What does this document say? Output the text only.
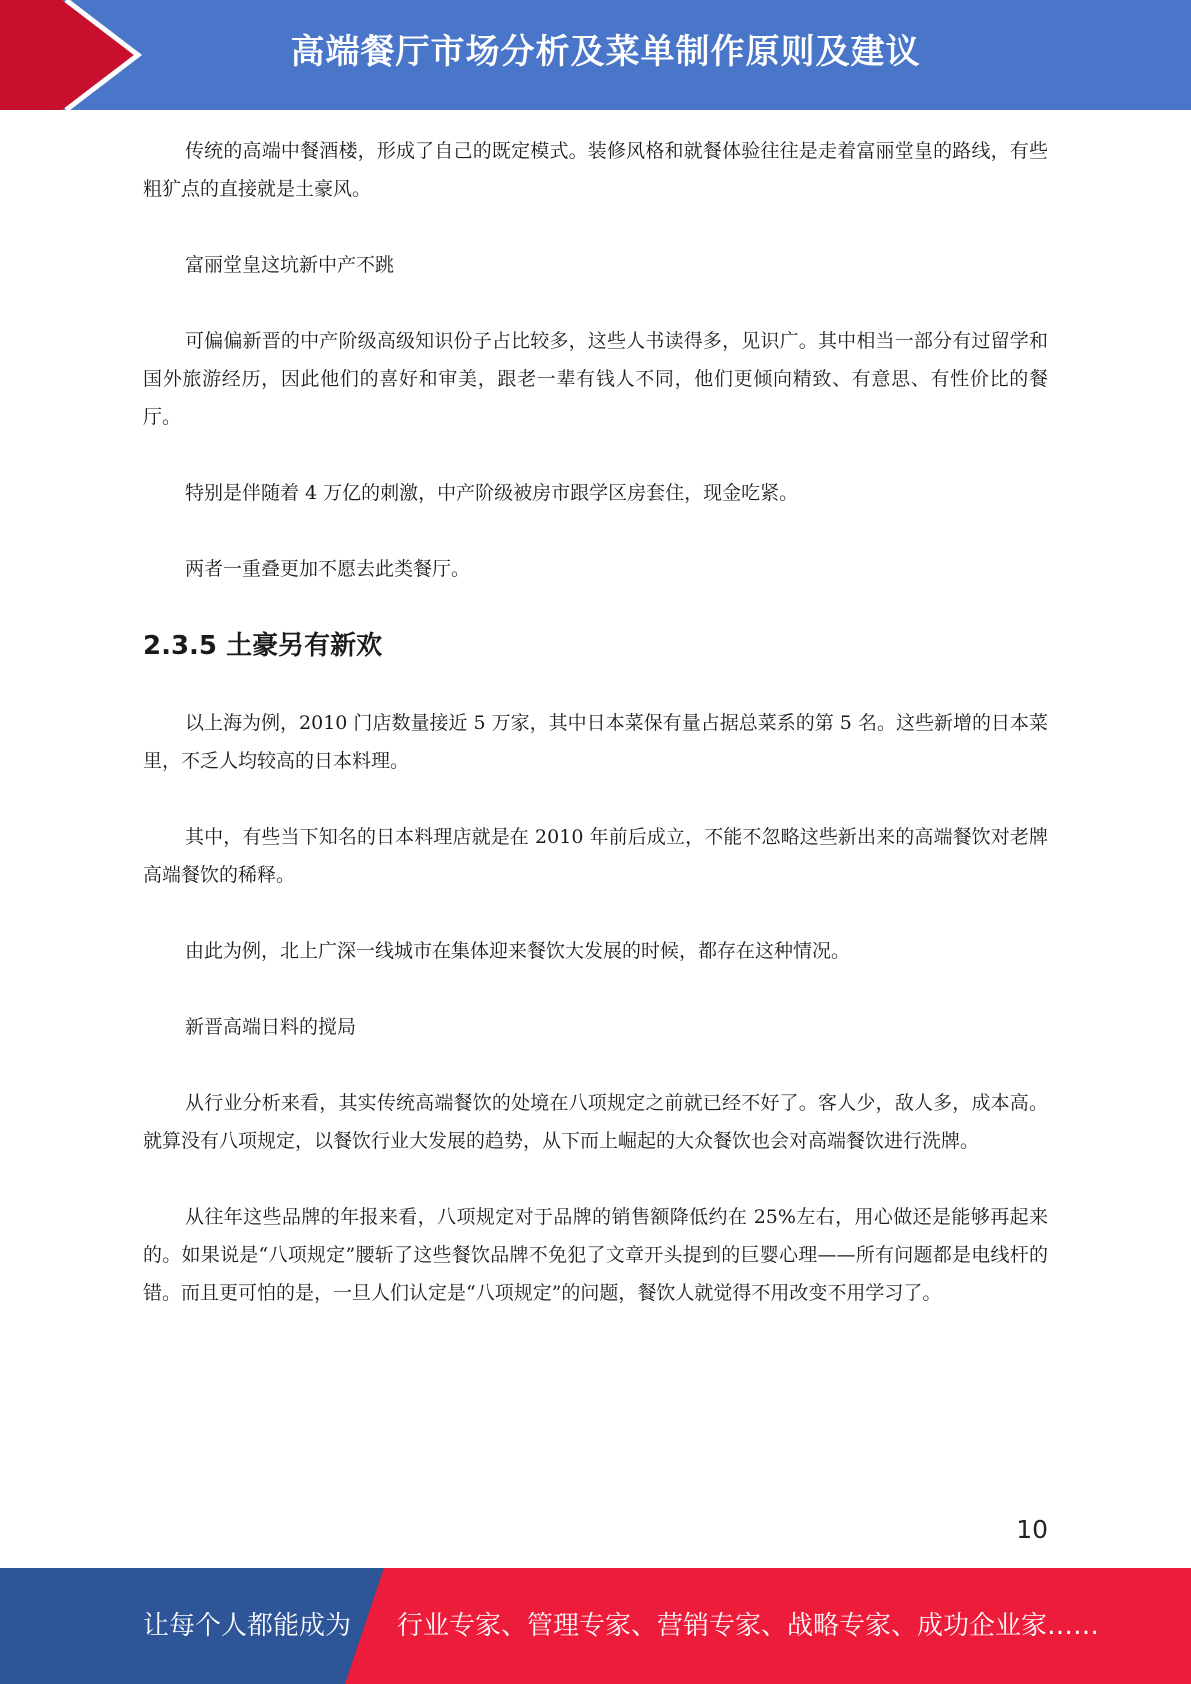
高端餐厅市场分析及菜单制作原则及建议

传统的高端中餐酒楼，形成了自己的既定模式。装修风格和就餐体验往往是走着富丽堂皇的路线，有些粗犷点的直接就是土豪风。

富丽堂皇这坑新中产不跳

可偏偏新晋的中产阶级高级知识份子占比较多，这些人书读得多，见识广。其中相当一部分有过留学和国外旅游经历，因此他们的喜好和审美，跟老一辈有钱人不同，他们更倾向精致、有意思、有性价比的餐厅。

特别是伴随着 4 万亿的刺激，中产阶级被房市跟学区房套住，现金吃紧。

两者一重叠更加不愿去此类餐厅。

2.3.5 土豪另有新欢

以上海为例，2010 门店数量接近 5 万家，其中日本菜保有量占据总菜系的第 5 名。这些新增的日本菜里，不乏人均较高的日本料理。

其中，有些当下知名的日本料理店就是在 2010 年前后成立，不能不忽略这些新出来的高端餐饮对老牌高端餐饮的稀释。

由此为例，北上广深一线城市在集体迎来餐饮大发展的时候，都存在这种情况。

新晋高端日料的搅局

从行业分析来看，其实传统高端餐饮的处境在八项规定之前就已经不好了。客人少，敌人多，成本高。就算没有八项规定，以餐饮行业大发展的趋势，从下而上崛起的大众餐饮也会对高端餐饮进行洗牌。

从往年这些品牌的年报来看，八项规定对于品牌的销售额降低约在 25%左右，用心做还是能够再起来的。如果说是“八项规定”腰斩了这些餐饮品牌不免犯了文章开头提到的巨婴心理——所有问题都是电线杆的错。而且更可怕的是，一旦人们认定是“八项规定”的问题，餐饮人就觉得不用改变不用学习了。

10
让每个人都能成为 行业专家、管理专家、营销专家、战略专家、成功企业家……
